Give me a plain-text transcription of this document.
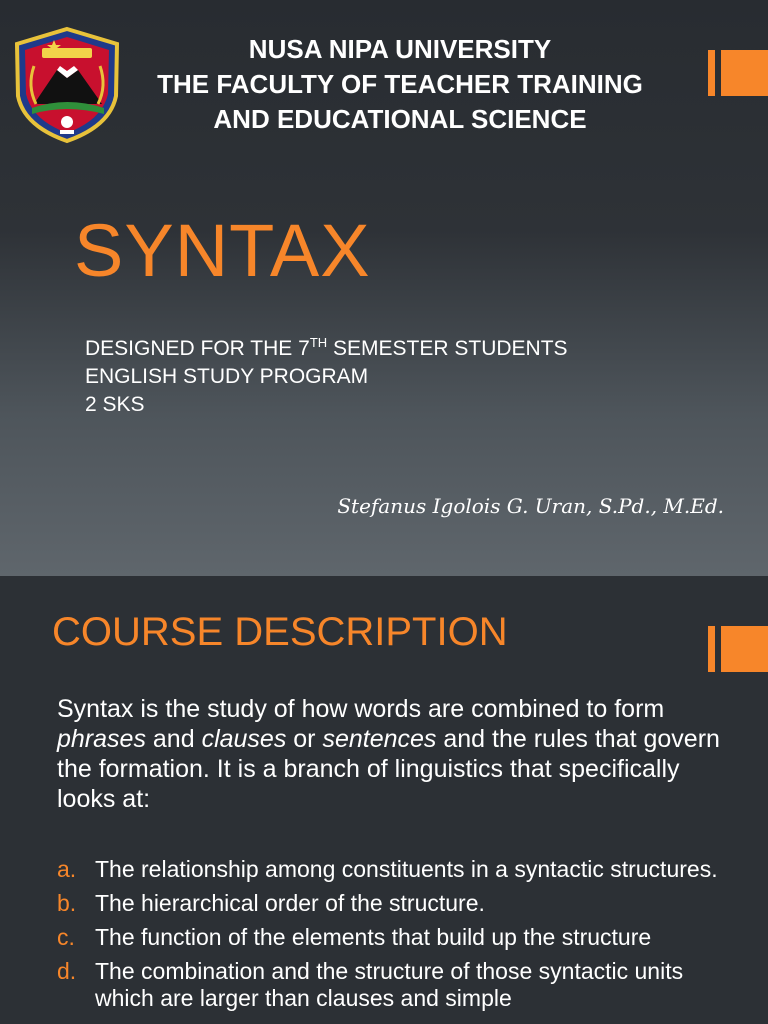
NUSA NIPA UNIVERSITY
THE FACULTY OF TEACHER TRAINING
AND EDUCATIONAL SCIENCE
SYNTAX
DESIGNED FOR THE 7TH SEMESTER STUDENTS
ENGLISH STUDY PROGRAM
2 SKS
Stefanus Igolois G. Uran, S.Pd., M.Ed.
COURSE DESCRIPTION
Syntax is the study of how words are combined to form phrases and clauses or sentences and the rules that govern the formation. It is a branch of linguistics that specifically looks at:
a. The relationship among constituents in a syntactic structures.
b. The hierarchical order of the structure.
c. The function of the elements that build up the structure
d. The combination and the structure of those syntactic units which are larger than clauses and simple
